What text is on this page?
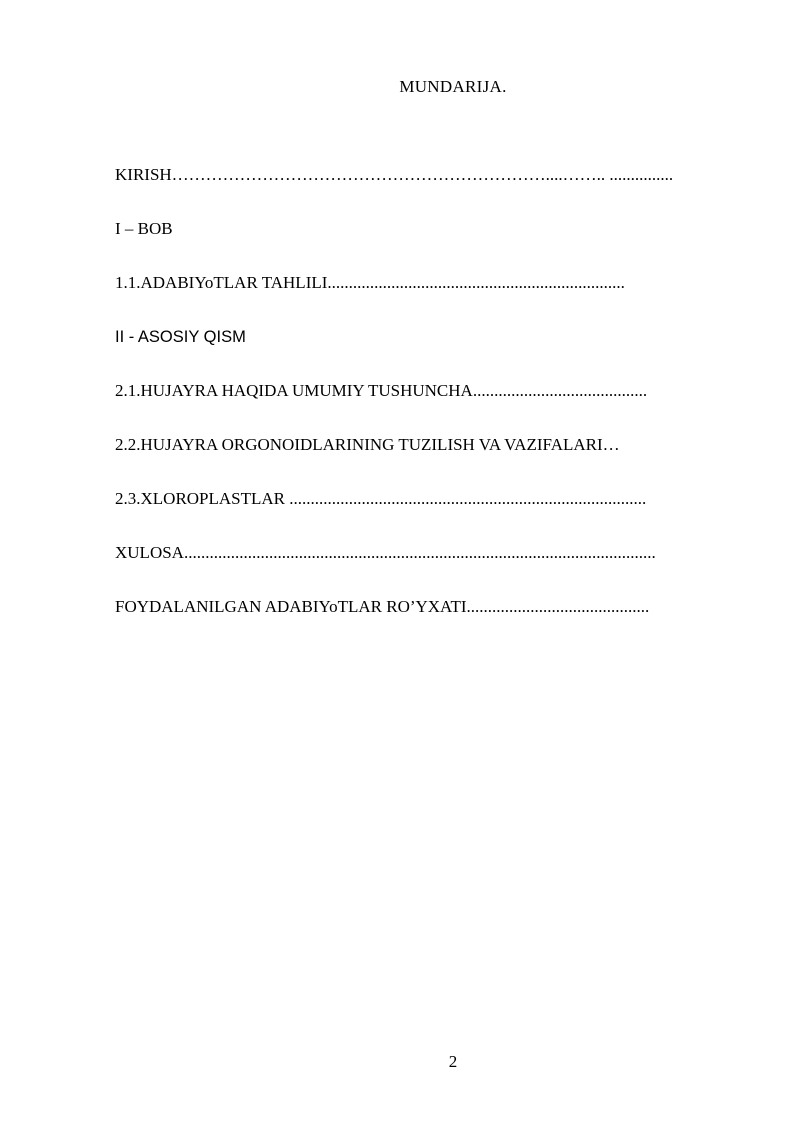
MUNDARIJA.
KIRISH…………………………………………………………....…….. ...............
I – BOB
1.1.ADABIYoTLAR TAHLILI......................................................................
II - ASOSIY QISM
2.1.HUJAYRA HAQIDA UMUMIY TUSHUNCHA.........................................
2.2.HUJAYRA ORGONOIDLARINING TUZILISH VA VAZIFALARI…
2.3.XLOROPLASTLAR ....................................................................................
XULOSA...............................................................................................................
FOYDALANILGAN ADABIYoTLAR RO’YXATI...........................................
2
